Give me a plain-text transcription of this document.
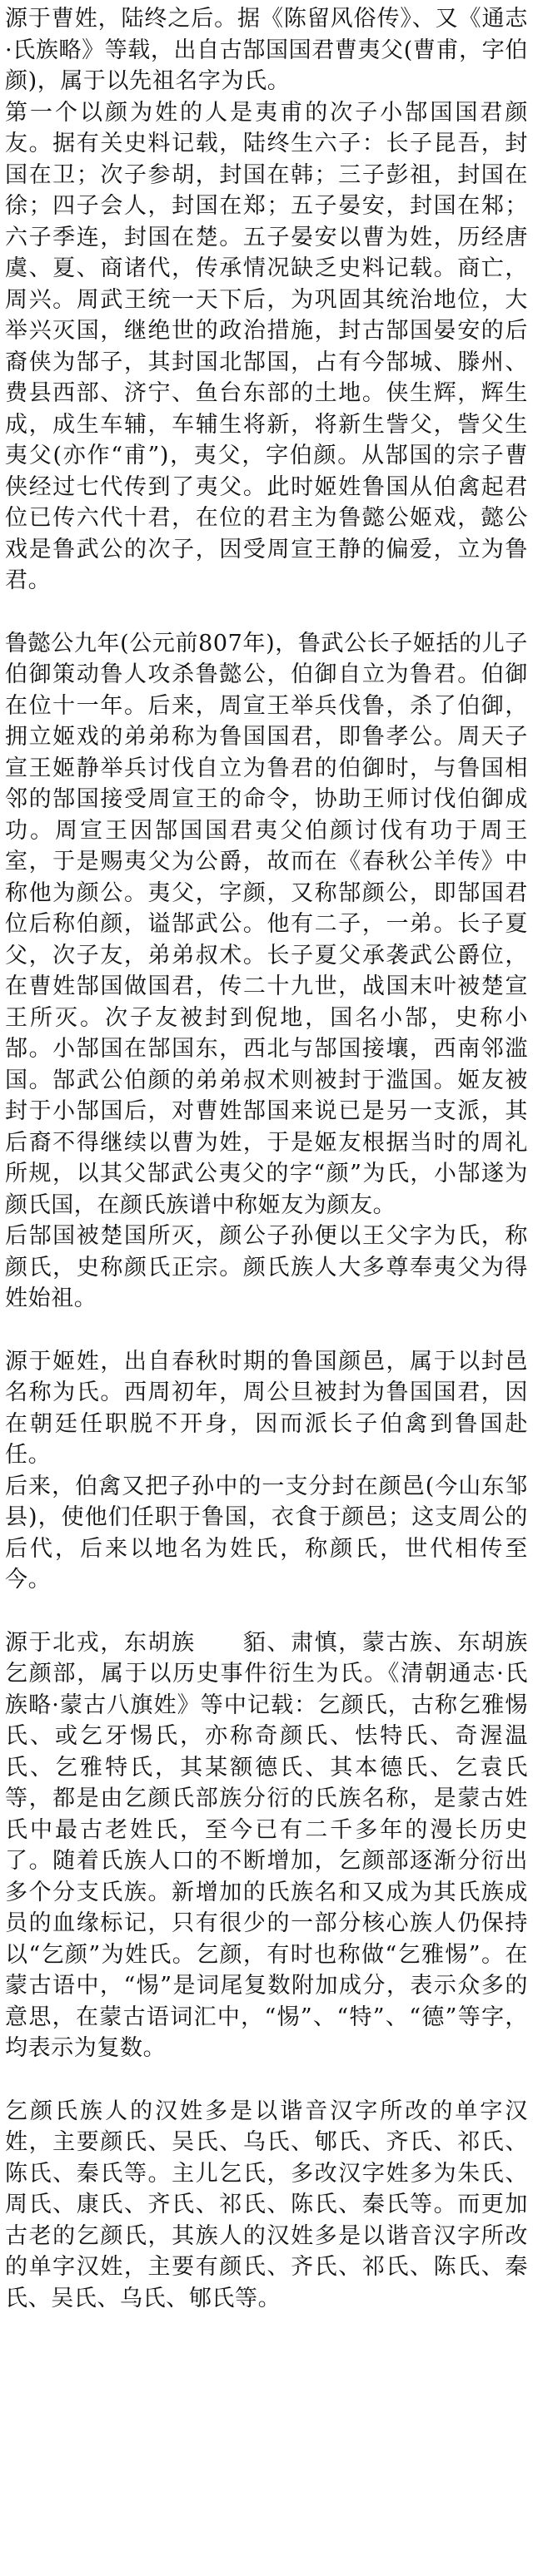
源于曹姓，陆终之后。据《陈留风俗传》、又《通志·氏族略》等载，出自古郜国国君曹夷父(曹甫，字伯颜)，属于以先祖名字为氏。

第一个以颜为姓的人是夷甫的次子小郜国国君颜友。据有关史料记载，陆终生六子：长子昆吾，封国在卫；次子参胡，封国在韩；三子彭祖，封国在徐；四子会人，封国在郑；五子晏安，封国在邾；六子季连，封国在楚。五子晏安以曹为姓，历经唐虞、夏、商诸代，传承情况缺乏史料记载。商亡，周兴。周武王统一天下后，为巩固其统治地位，大举兴灭国，继绝世的政治措施，封古郜国晏安的后裔侠为郜子，其封国北郜国，占有今郜城、滕州、费县西部、济宁、鱼台东部的土地。侠生辉，辉生成，成生车辅，车辅生将新，将新生訾父，訾父生夷父(亦作“甫”)，夷父，字伯颜。从郜国的宗子曹侠经过七代传到了夷父。此时姬姓鲁国从伯禽起君位已传六代十君，在位的君主为鲁懿公姬戏，懿公戏是鲁武公的次子，因受周宣王静的偏爱，立为鲁君。

鲁懿公九年(公元前807年)，鲁武公长子姬括的儿子伯御策动鲁人攻杀鲁懿公，伯御自立为鲁君。伯御在位十一年。后来，周宣王举兵伐鲁，杀了伯御，拥立姬戏的弟弟称为鲁国国君，即鲁孝公。周天子宣王姬静举兵讨伐自立为鲁君的伯御时，与鲁国相邻的郜国接受周宣王的命令，协助王师讨伐伯御成功。周宣王因郜国国君夷父伯颜讨伐有功于周王室，于是赐夷父为公爵，故而在《春秋公羊传》中称他为颜公。夷父，字颜，又称郜颜公，即郜国君位后称伯颜，谥郜武公。他有二子，一弟。长子夏父，次子友，弟弟叔术。长子夏父承袭武公爵位，在曹姓郜国做国君，传二十九世，战国末叶被楚宣王所灭。次子友被封到倪地，国名小郜，史称小郜。小郜国在郜国东，西北与郜国接壤，西南邻滥国。郜武公伯颜的弟弟叔术则被封于滥国。姬友被封于小郜国后，对曹姓郜国来说已是另一支派，其后裔不得继续以曹为姓，于是姬友根据当时的周礼所规，以其父郜武公夷父的字“颜”为氏，小郜遂为颜氏国，在颜氏族谱中称姬友为颜友。

后郜国被楚国所灭，颜公子孙便以王父字为氏，称颜氏，史称颜氏正宗。颜氏族人大多尊奉夷父为得姓始祖。

源于姬姓，出自春秋时期的鲁国颜邑，属于以封邑名称为氏。西周初年，周公旦被封为鲁国国君，因在朝廷任职脱不开身，因而派长子伯禽到鲁国赴任。

后来，伯禽又把子孙中的一支分封在颜邑(今山东邹县)，使他们任职于鲁国，衣食于颜邑；这支周公的后代，后来以地名为姓氏，称颜氏，世代相传至今。

源于北戎，东胡族　　貊、肃慎，蒙古族、东胡族乞颜部，属于以历史事件衍生为氏。《清朝通志·氏族略·蒙古八旗姓》等中记载：乞颜氏，古称乞雅惕氏、或乞牙惕氏，亦称奇颜氏、怯特氏、奇渥温氏、乞雅特氏，其某额德氏、其本德氏、乞袁氏等，都是由乞颜氏部族分衍的氏族名称，是蒙古姓氏中最古老姓氏，至今已有二千多年的漫长历史了。随着氏族人口的不断增加，乞颜部逐渐分衍出多个分支氏族。新增加的氏族名和又成为其氏族成员的血缘标记，只有很少的一部分核心族人仍保持以“乞颜”为姓氏。乞颜，有时也称做“乞雅惕”。在蒙古语中，“惕”是词尾复数附加成分，表示众多的意思，在蒙古语词汇中，“惕”、“特”、“德”等字，均表示为复数。

乞颜氏族人的汉姓多是以谐音汉字所改的单字汉姓，主要颜氏、吴氏、乌氏、郇氏、齐氏、祁氏、陈氏、秦氏等。主儿乞氏，多改汉字姓多为朱氏、周氏、康氏、齐氏、祁氏、陈氏、秦氏等。而更加古老的乞颜氏，其族人的汉姓多是以谐音汉字所改的单字汉姓，主要有颜氏、齐氏、祁氏、陈氏、秦氏、吴氏、乌氏、郇氏等。
